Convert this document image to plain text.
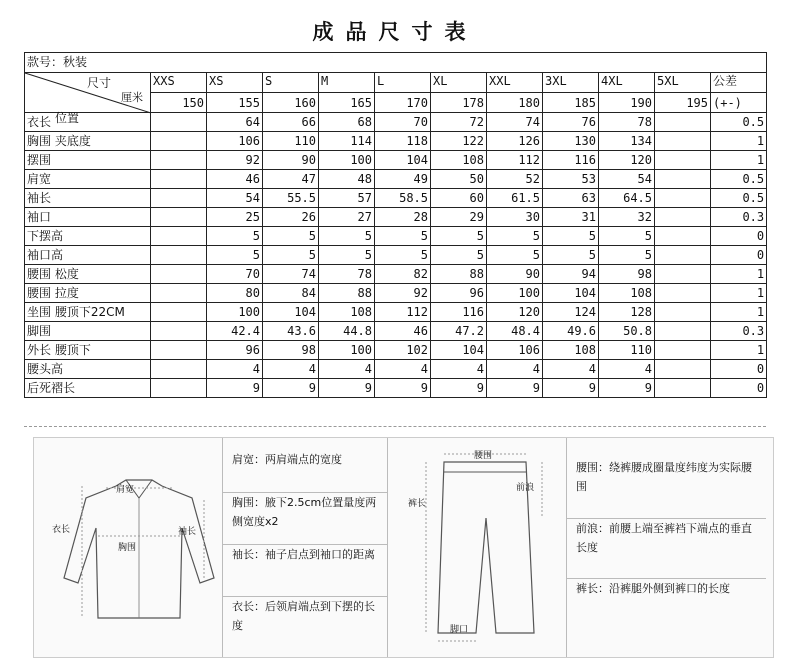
成品尺寸表
款号：秋装											

尺寸
厘米
位置	XXS	XS	S	M	L	XL	XXL	3XL	4XL	5XL	公差
	150	155	160	165	170	178	180	185	190	195	(+-)
衣长		64	66	68	70	72	74	76	78		0.5
胸围 夹底度		106	110	114	118	122	126	130	134		1
摆围		92	90	100	104	108	112	116	120		1
肩宽		46	47	48	49	50	52	53	54		0.5
袖长		54	55.5	57	58.5	60	61.5	63	64.5		0.5
袖口		25	26	27	28	29	30	31	32		0.3
下摆高		5	5	5	5	5	5	5	5		0
袖口高		5	5	5	5	5	5	5	5		0
腰围 松度		70	74	78	82	88	90	94	98		1
腰围 拉度		80	84	88	92	96	100	104	108		1
坐围 腰顶下22CM		100	104	108	112	116	120	124	128		1
脚围		42.4	43.6	44.8	46	47.2	48.4	49.6	50.8		0.3
外长 腰顶下		96	98	100	102	104	106	108	110		1
腰头高		4	4	4	4	4	4	4	4		0
后死褶长		9	9	9	9	9	9	9	9		0
肩宽
胸围
衣长	袖长
肩宽：两肩端点的宽度
胸围：腋下2.5cm位置量度两侧宽度x2
袖长：袖子启点到袖口的距离
衣长：后领肩端点到下摆的长度
腰围
前浪
裤长
脚口
腰围：绕裤腰成圈量度纬度为实际腰围
前浪：前腰上端至裤裆下端点的垂直长度
裤长：沿裤腿外侧到裤口的长度
